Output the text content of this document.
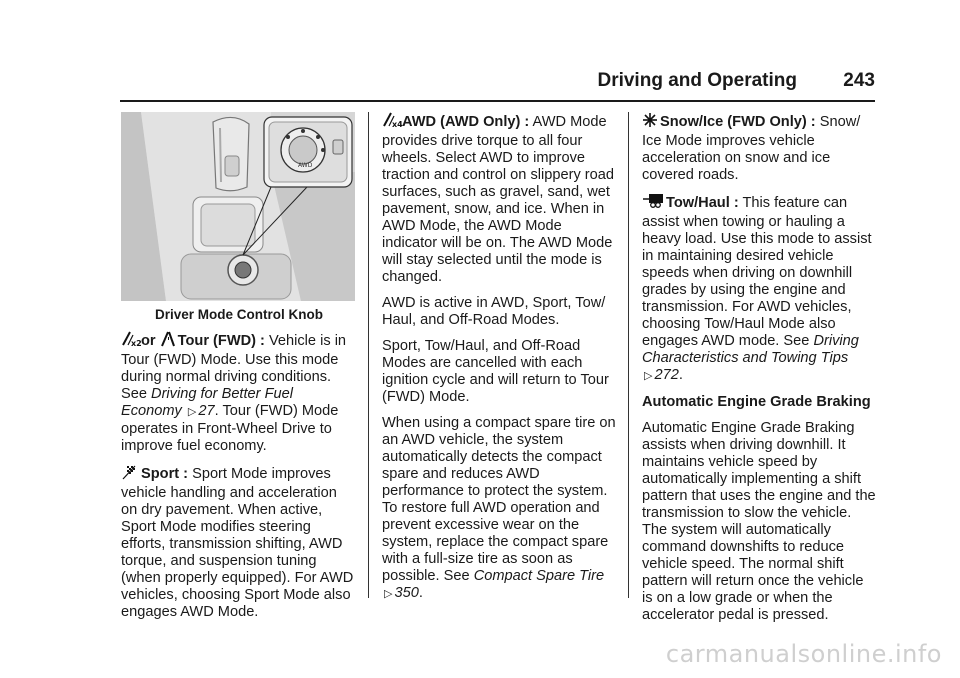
Driving and Operating 243
AWD
Driver Mode Control Knob

x2 or Tour (FWD) : Vehicle is in Tour (FWD) Mode. Use this mode during normal driving conditions. See Driving for Better Fuel Economy ▷ 27. Tour (FWD) Mode operates in Front-Wheel Drive to improve fuel economy.

Sport : Sport Mode improves vehicle handling and acceleration on dry pavement. When active, Sport Mode modifies steering efforts, transmission shifting, AWD torque, and suspension tuning (when properly equipped). For AWD vehicles, choosing Sport Mode also engages AWD Mode.

x4 AWD (AWD Only) : AWD Mode provides drive torque to all four wheels. Select AWD to improve traction and control on slippery road surfaces, such as gravel, sand, wet pavement, snow, and ice. When in AWD Mode, the AWD Mode indicator will be on. The AWD Mode will stay selected until the mode is changed.

AWD is active in AWD, Sport, Tow/ Haul, and Off-Road Modes.

Sport, Tow/Haul, and Off-Road Modes are cancelled with each ignition cycle and will return to Tour (FWD) Mode.

When using a compact spare tire on an AWD vehicle, the system automatically detects the compact spare and reduces AWD performance to protect the system. To restore full AWD operation and prevent excessive wear on the system, replace the compact spare with a full-size tire as soon as possible. See Compact Spare Tire ▷ 350.

Snow/Ice (FWD Only) : Snow/ Ice Mode improves vehicle acceleration on snow and ice covered roads.

Tow/Haul : This feature can assist when towing or hauling a heavy load. Use this mode to assist in maintaining desired vehicle speeds when driving on downhill grades by using the engine and transmission. For AWD vehicles, choosing Tow/Haul Mode also engages AWD mode. See Driving Characteristics and Towing Tips ▷ 272.

Automatic Engine Grade Braking

Automatic Engine Grade Braking assists when driving downhill. It maintains vehicle speed by automatically implementing a shift pattern that uses the engine and the transmission to slow the vehicle. The system will automatically command downshifts to reduce vehicle speed. The normal shift pattern will return once the vehicle is on a low grade or when the accelerator pedal is pressed.

carmanualsonline.info
